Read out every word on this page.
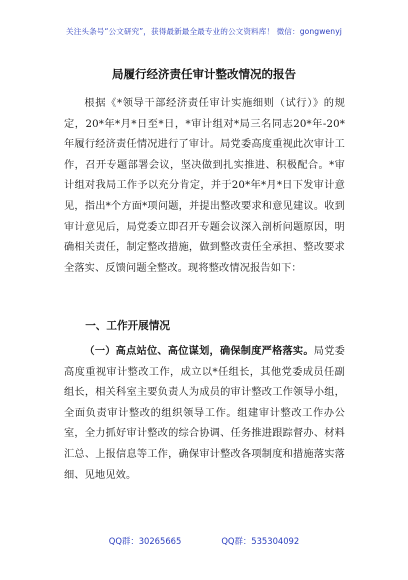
关注头条号“公文研究”，获得最新最全最专业的公文资料库！ 微信：gongwenyj
局履行经济责任审计整改情况的报告

根据《*领导干部经济责任审计实施细则（试行）》的规定，20*年*月*日至*日，*审计组对*局三名同志20*年-20*年履行经济责任情况进行了审计。局党委高度重视此次审计工作，召开专题部署会议，坚决做到扎实推进、积极配合。*审计组对我局工作予以充分肯定，并于20*年*月*日下发审计意见，指出*个方面*项问题，并提出整改要求和意见建议。收到审计意见后，局党委立即召开专题会议深入剖析问题原因，明确相关责任，制定整改措施，做到整改责任全承担、整改要求全落实、反馈问题全整改。现将整改情况报告如下：

一、工作开展情况

（一）高点站位、高位谋划，确保制度严格落实。局党委高度重视审计整改工作，成立以*任组长，其他党委成员任副组长，相关科室主要负责人为成员的审计整改工作领导小组，全面负责审计整改的组织领导工作。组建审计整改工作办公室，全力抓好审计整改的综合协调、任务推进跟踪督办、材料汇总、上报信息等工作，确保审计整改各项制度和措施落实落细、见地见效。

QQ群：30265665	QQ群：535304092
